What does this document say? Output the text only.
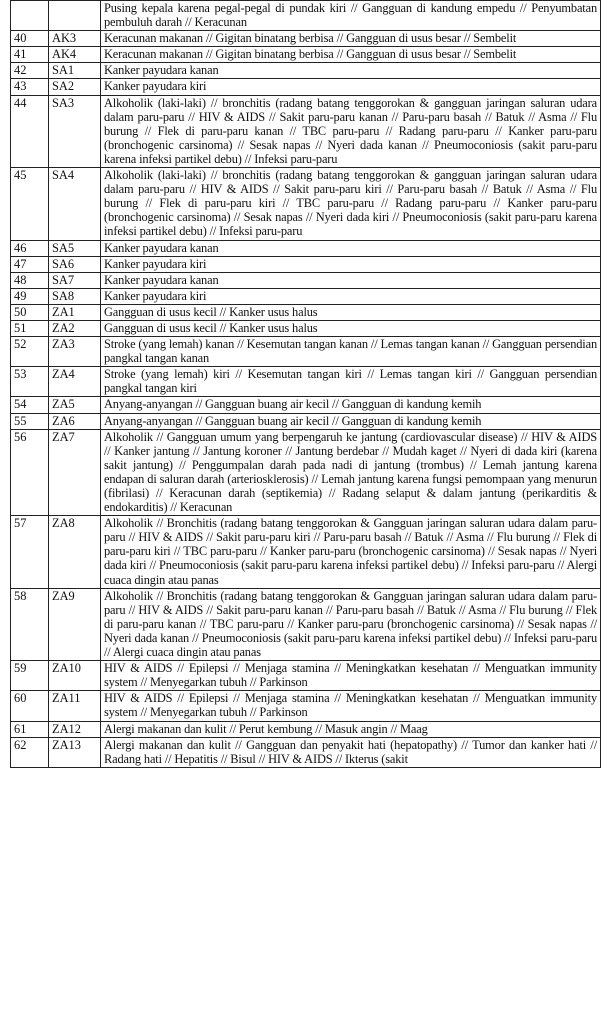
		Pusing kepala karena pegal-pegal di pundak kiri // Gangguan di kandung empedu // Penyumbatan pembuluh darah // Keracunan
40	AK3	Keracunan makanan // Gigitan binatang berbisa // Gangguan di usus besar // Sembelit
41	AK4	Keracunan makanan // Gigitan binatang berbisa // Gangguan di usus besar // Sembelit
42	SA1	Kanker payudara kanan
43	SA2	Kanker payudara kiri
44	SA3	Alkoholik (laki-laki) // bronchitis (radang batang tenggorokan & gangguan jaringan saluran udara dalam paru-paru // HIV & AIDS // Sakit paru-paru kanan // Paru-paru basah // Batuk // Asma // Flu burung // Flek di paru-paru kanan // TBC paru-paru // Radang paru-paru // Kanker paru-paru (bronchogenic carsinoma) // Sesak napas // Nyeri dada kanan // Pneumoconiosis (sakit paru-paru karena infeksi partikel debu) // Infeksi paru-paru
45	SA4	Alkoholik (laki-laki) // bronchitis (radang batang tenggorokan & gangguan jaringan saluran udara dalam paru-paru // HIV & AIDS // Sakit paru-paru kiri // Paru-paru basah // Batuk // Asma // Flu burung // Flek di paru-paru kiri // TBC paru-paru // Radang paru-paru // Kanker paru-paru (bronchogenic carsinoma) // Sesak napas // Nyeri dada kiri // Pneumoconiosis (sakit paru-paru karena infeksi partikel debu) // Infeksi paru-paru
46	SA5	Kanker payudara kanan
47	SA6	Kanker payudara kiri
48	SA7	Kanker payudara kanan
49	SA8	Kanker payudara kiri
50	ZA1	Gangguan di usus kecil // Kanker usus halus
51	ZA2	Gangguan di usus kecil // Kanker usus halus
52	ZA3	Stroke (yang lemah) kanan // Kesemutan tangan kanan // Lemas tangan kanan // Gangguan persendian pangkal tangan kanan
53	ZA4	Stroke (yang lemah) kiri // Kesemutan tangan kiri // Lemas tangan kiri // Gangguan persendian pangkal tangan kiri
54	ZA5	Anyang-anyangan // Gangguan buang air kecil // Gangguan di kandung kemih
55	ZA6	Anyang-anyangan // Gangguan buang air kecil // Gangguan di kandung kemih
56	ZA7	Alkoholik // Gangguan umum yang berpengaruh ke jantung (cardiovascular disease) // HIV & AIDS // Kanker jantung // Jantung koroner // Jantung berdebar // Mudah kaget // Nyeri di dada kiri (karena sakit jantung) // Penggumpalan darah pada nadi di jantung (trombus) // Lemah jantung karena endapan di saluran darah (arteriosklerosis) // Lemah jantung karena fungsi pemompaan yang menurun (fibrilasi) // Keracunan darah (septikemia) // Radang selaput & dalam jantung (perikarditis & endokarditis) // Keracunan
57	ZA8	Alkoholik // Bronchitis (radang batang tenggorokan & Gangguan jaringan saluran udara dalam paru-paru // HIV & AIDS // Sakit paru-paru kiri // Paru-paru basah // Batuk // Asma // Flu burung // Flek di paru-paru kiri // TBC paru-paru // Kanker paru-paru (bronchogenic carsinoma) // Sesak napas // Nyeri dada kiri // Pneumoconiosis (sakit paru-paru karena infeksi partikel debu) // Infeksi paru-paru // Alergi cuaca dingin atau panas
58	ZA9	Alkoholik // Bronchitis (radang batang tenggorokan & Gangguan jaringan saluran udara dalam paru-paru // HIV & AIDS // Sakit paru-paru kanan // Paru-paru basah // Batuk // Asma // Flu burung // Flek di paru-paru kanan // TBC paru-paru // Kanker paru-paru (bronchogenic carsinoma) // Sesak napas // Nyeri dada kanan // Pneumoconiosis (sakit paru-paru karena infeksi partikel debu) // Infeksi paru-paru // Alergi cuaca dingin atau panas
59	ZA10	HIV & AIDS // Epilepsi // Menjaga stamina // Meningkatkan kesehatan // Menguatkan immunity system // Menyegarkan tubuh // Parkinson
60	ZA11	HIV & AIDS // Epilepsi // Menjaga stamina // Meningkatkan kesehatan // Menguatkan immunity system // Menyegarkan tubuh // Parkinson
61	ZA12	Alergi makanan dan kulit // Perut kembung // Masuk angin // Maag
62	ZA13	Alergi makanan dan kulit // Gangguan dan penyakit hati (hepatopathy) // Tumor dan kanker hati // Radang hati // Hepatitis // Bisul // HIV & AIDS // Ikterus (sakit
